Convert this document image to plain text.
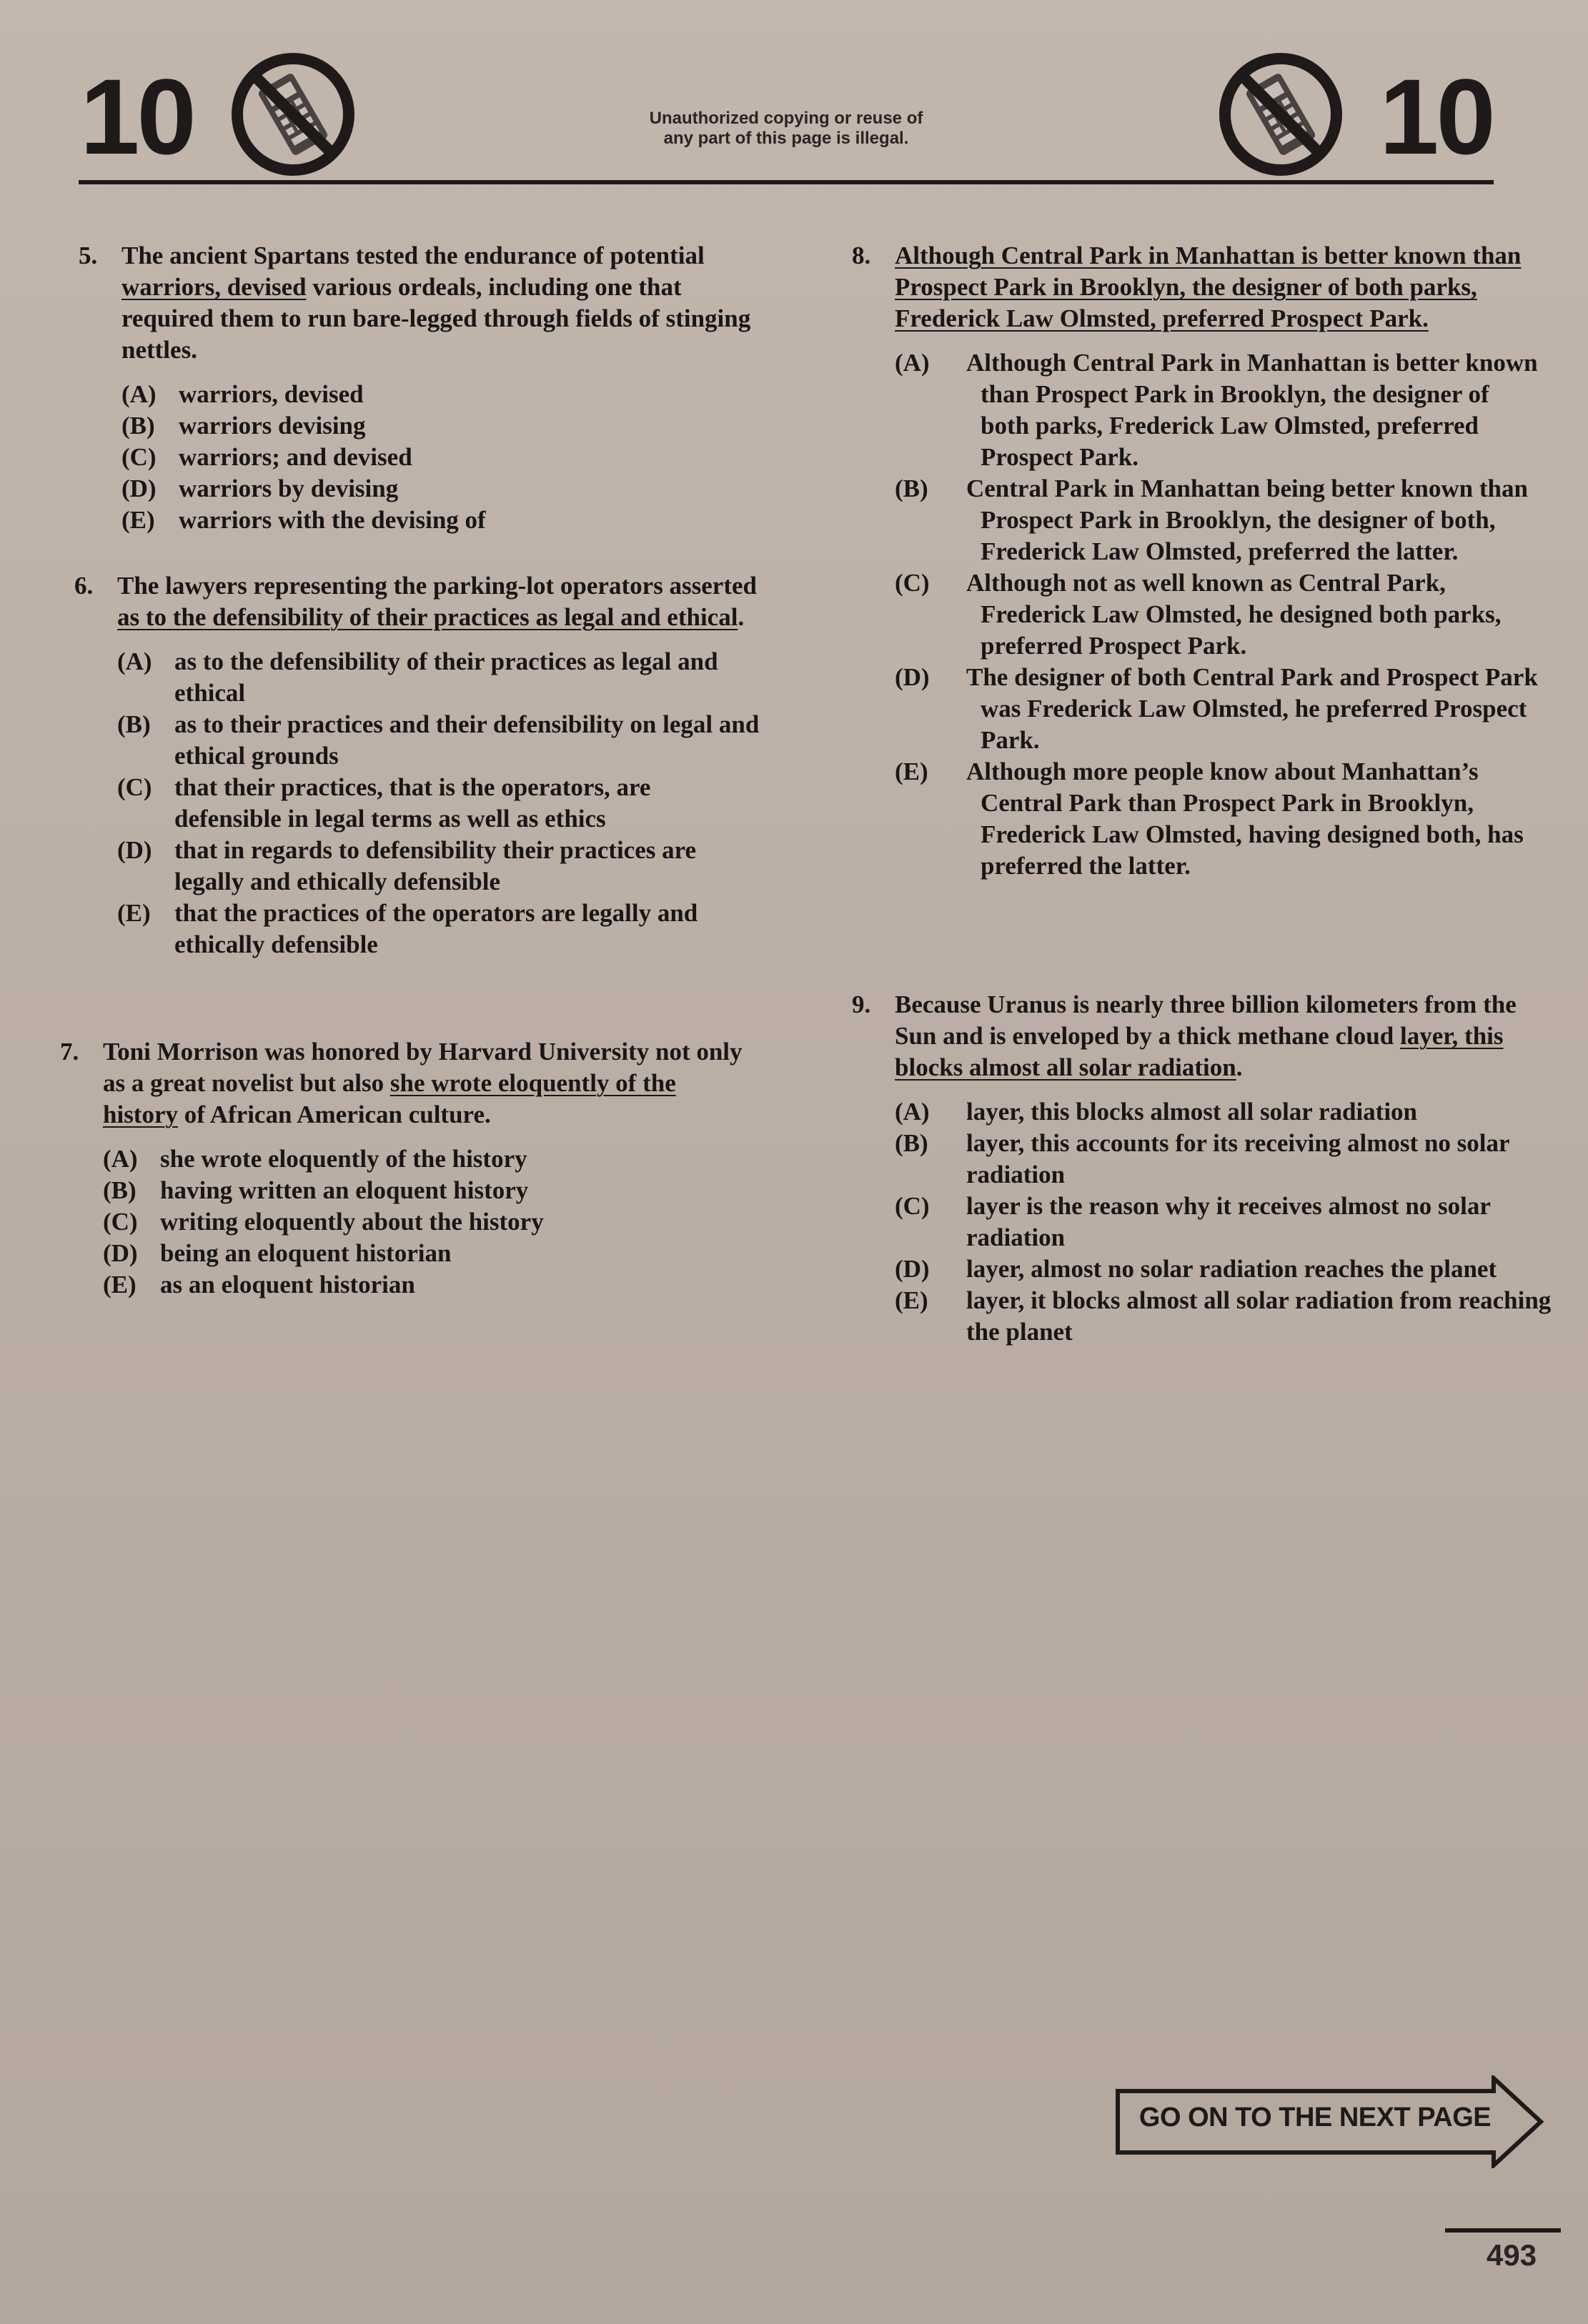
10	Unauthorized copying or reuse of
any part of this page is illegal.	10
5. The ancient Spartans tested the endurance of potential warriors, devised various ordeals, including one that required them to run bare-legged through fields of stinging nettles.
(A) warriors, devised
(B) warriors devising
(C) warriors; and devised
(D) warriors by devising
(E) warriors with the devising of
6. The lawyers representing the parking-lot operators asserted as to the defensibility of their practices as legal and ethical.
(A) as to the defensibility of their practices as legal and ethical
(B) as to their practices and their defensibility on legal and ethical grounds
(C) that their practices, that is the operators, are defensible in legal terms as well as ethics
(D) that in regards to defensibility their practices are legally and ethically defensible
(E) that the practices of the operators are legally and ethically defensible
7. Toni Morrison was honored by Harvard University not only as a great novelist but also she wrote eloquently of the history of African American culture.
(A) she wrote eloquently of the history
(B) having written an eloquent history
(C) writing eloquently about the history
(D) being an eloquent historian
(E) as an eloquent historian
8. Although Central Park in Manhattan is better known than Prospect Park in Brooklyn, the designer of both parks, Frederick Law Olmsted, preferred Prospect Park.
(A) Although Central Park in Manhattan is better known than Prospect Park in Brooklyn, the designer of both parks, Frederick Law Olmsted, preferred Prospect Park.
(B) Central Park in Manhattan being better known than Prospect Park in Brooklyn, the designer of both, Frederick Law Olmsted, preferred the latter.
(C) Although not as well known as Central Park, Frederick Law Olmsted, he designed both parks, preferred Prospect Park.
(D) The designer of both Central Park and Prospect Park was Frederick Law Olmsted, he preferred Prospect Park.
(E) Although more people know about Manhattan’s Central Park than Prospect Park in Brooklyn, Frederick Law Olmsted, having designed both, has preferred the latter.
9. Because Uranus is nearly three billion kilometers from the Sun and is enveloped by a thick methane cloud layer, this blocks almost all solar radiation.
(A) layer, this blocks almost all solar radiation
(B) layer, this accounts for its receiving almost no solar radiation
(C) layer is the reason why it receives almost no solar radiation
(D) layer, almost no solar radiation reaches the planet
(E) layer, it blocks almost all solar radiation from reaching the planet
GO ON TO THE NEXT PAGE
493
